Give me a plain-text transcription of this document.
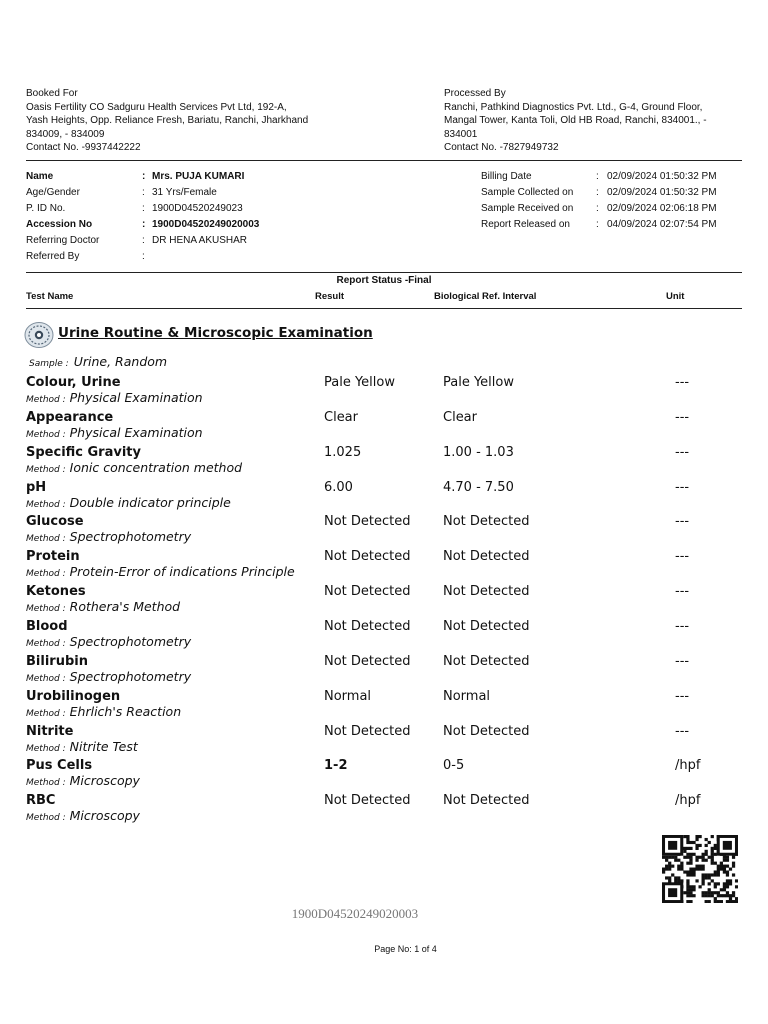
Booked For
Oasis Fertility CO Sadguru Health Services Pvt Ltd, 192-A,
Yash Heights, Opp. Reliance Fresh, Bariatu, Ranchi, Jharkhand
834009, - 834009
Contact No. -9937442222
Processed By
Ranchi, Pathkind Diagnostics Pvt. Ltd., G-4, Ground Floor,
Mangal Tower, Kanta Toli, Old HB Road, Ranchi, 834001., -
834001
Contact No. -7827949732
Name	: Mrs. PUJA KUMARI
Age/Gender	: 31 Yrs/Female
P. ID No.	: 1900D04520249023
Accession No	: 1900D04520249020003
Referring Doctor	: DR HENA AKUSHAR
Referred By	:
Billing Date	: 02/09/2024 01:50:32 PM
Sample Collected on : 02/09/2024 01:50:32 PM
Sample Received on : 02/09/2024 02:06:18 PM
Report Released on	: 04/09/2024 02:07:54 PM
Report Status -Final
Test Name	Result	Biological Ref. Interval	Unit
Urine Routine & Microscopic Examination
Sample : Urine, Random
Colour, Urine
Method : Physical Examination
Pale Yellow	Pale Yellow	---
Appearance
Method : Physical Examination
Clear	Clear	---
Specific Gravity
Method : Ionic concentration method
1.025	1.00 - 1.03	---
pH
Method : Double indicator principle
6.00	4.70 - 7.50	---
Glucose
Method : Spectrophotometry
Not Detected Not Detected	---
Protein
Method : Protein-Error of indications Principle
Not Detected Not Detected	---
Ketones
Method : Rothera's Method
Not Detected Not Detected	---
Blood
Method : Spectrophotometry
Not Detected Not Detected	---
Bilirubin
Method : Spectrophotometry
Not Detected Not Detected	---
Urobilinogen
Method : Ehrlich's Reaction
Normal	Normal	---
Nitrite
Method : Nitrite Test
Not Detected Not Detected	---
Pus Cells
Method : Microscopy
1-2	0-5	/hpf
RBC
Method : Microscopy
Not Detected Not Detected	/hpf
1900D04520249020003
Page No: 1 of 4
